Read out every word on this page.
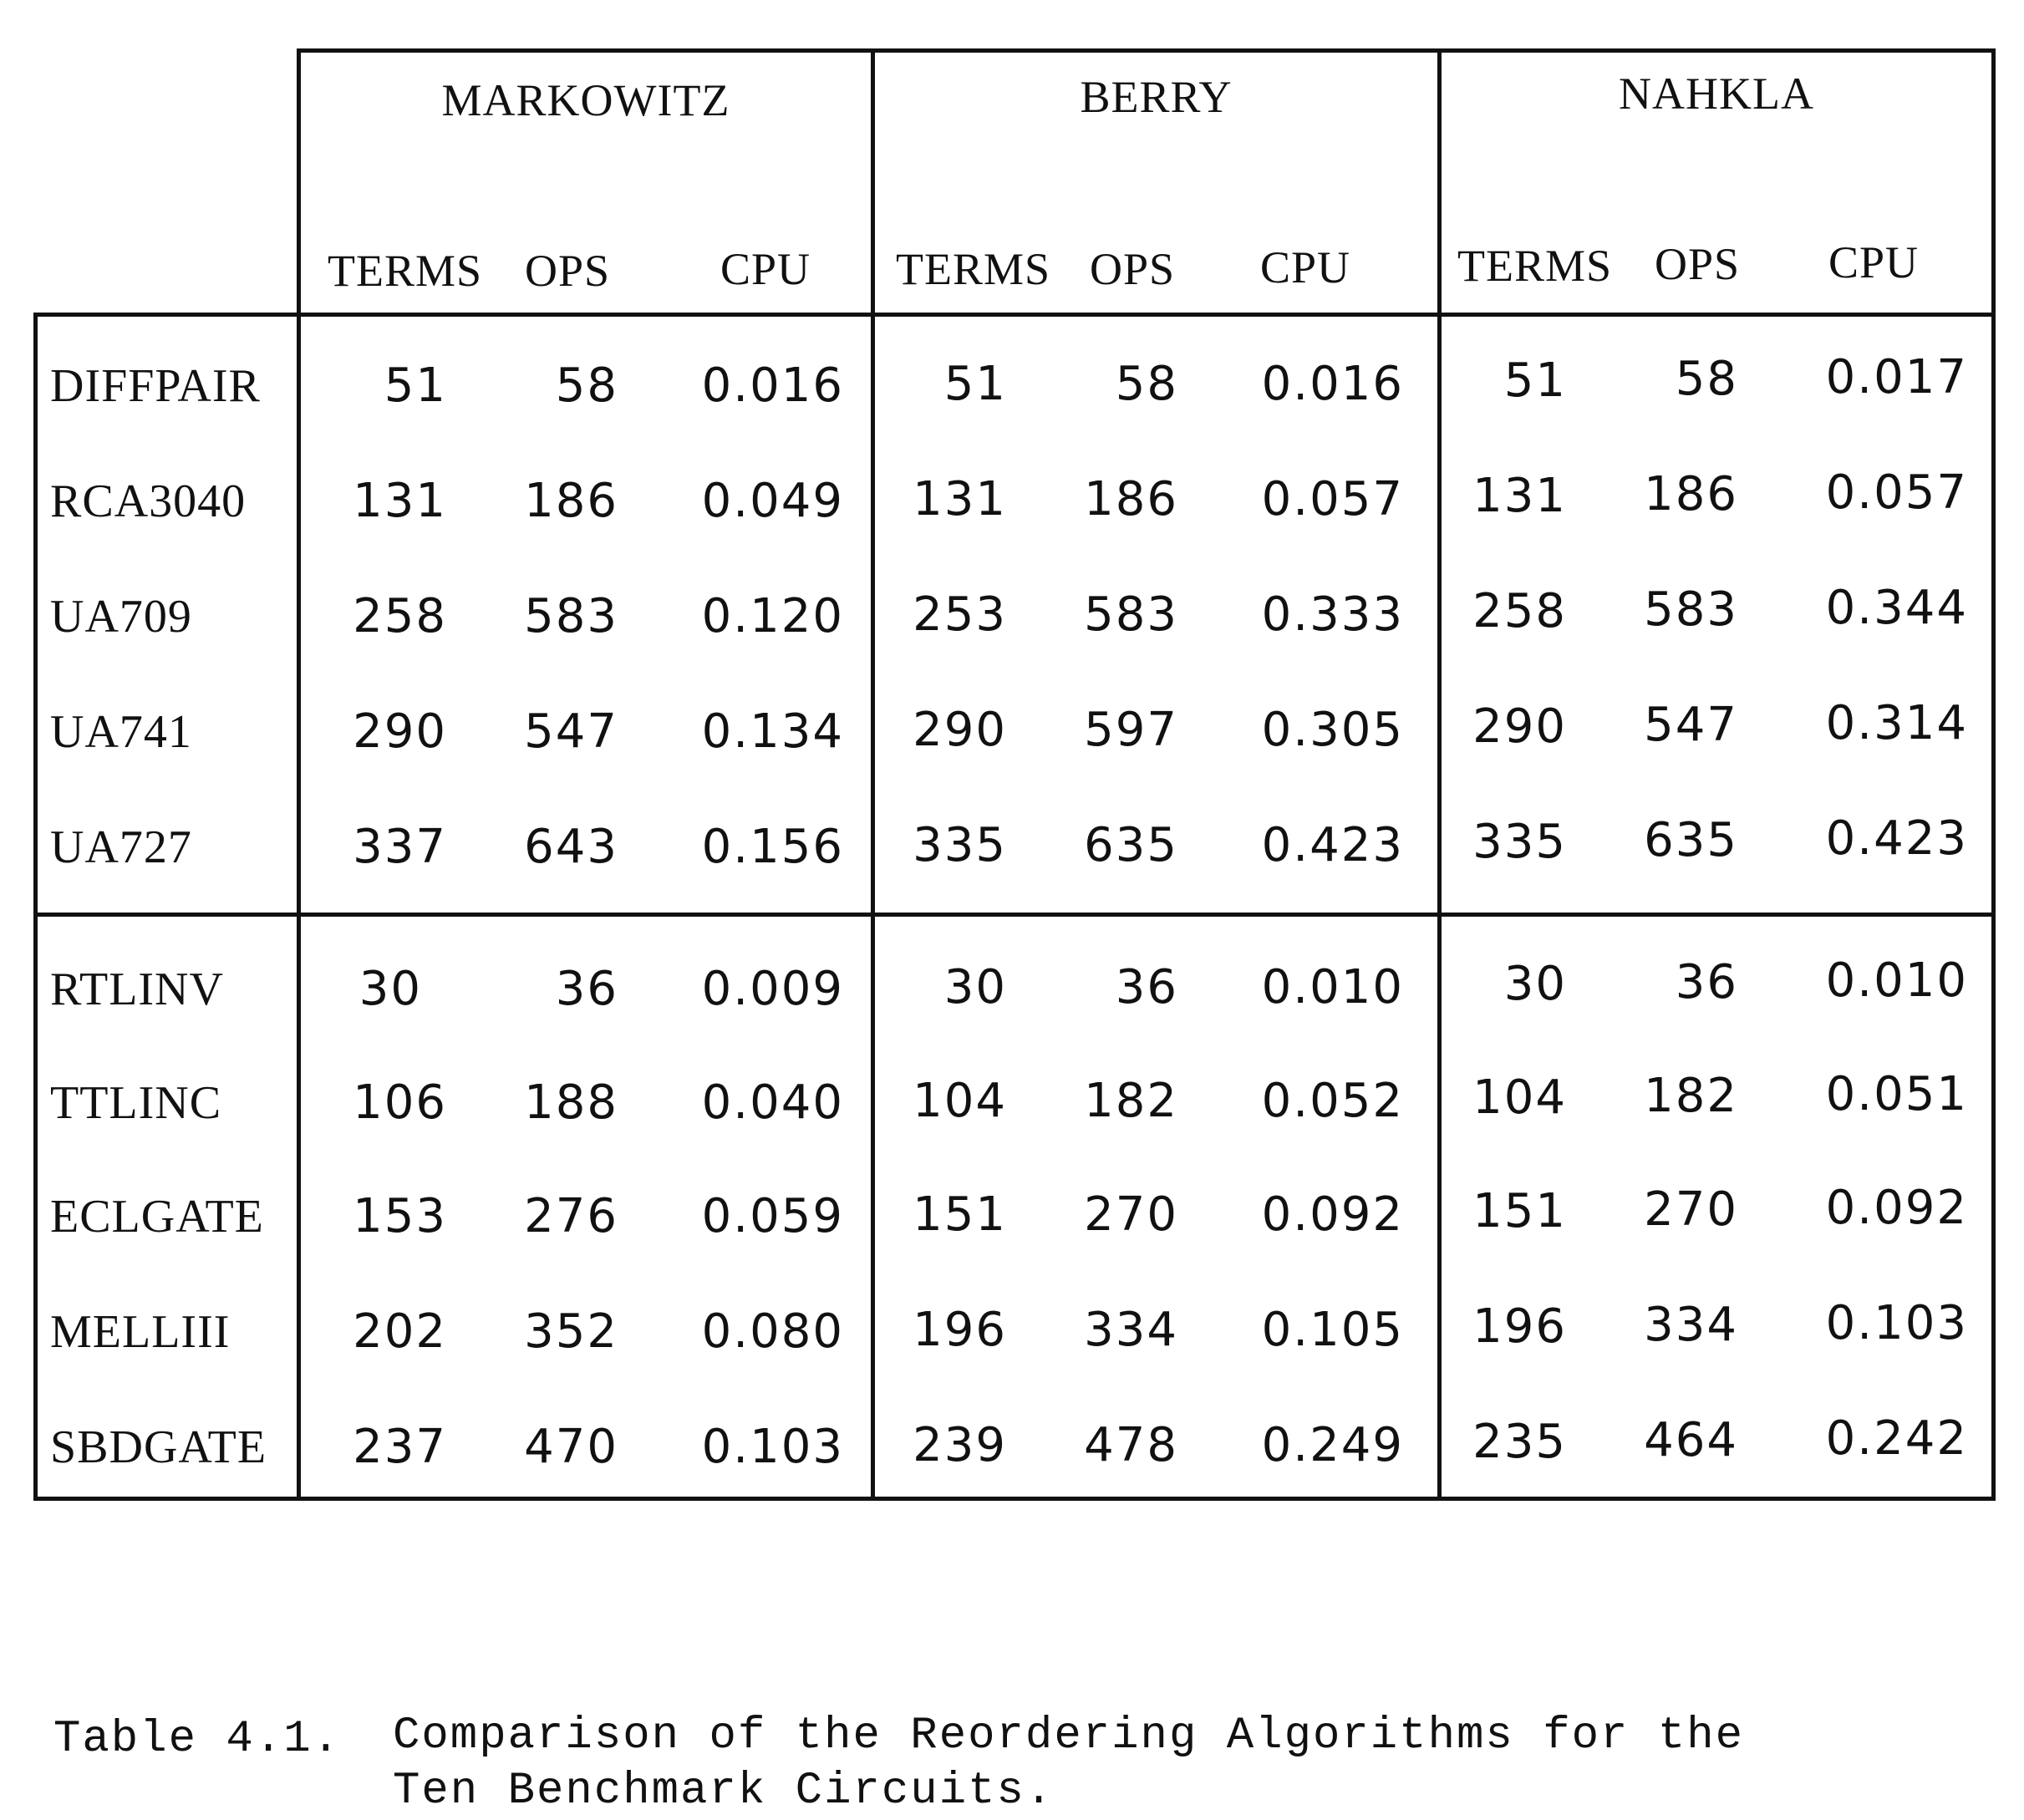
MARKOWITZ	BERRY	NAHKLA
TERMS OPS CPU TERMS OPS CPU TERMS OPS CPU
DIFFPAIR	51	58	0.016	51	58	0.016	51	58	0.017
RCA3040	131	186	0.049	131	186	0.057	131	186	0.057
UA709	258	583	0.120	253	583	0.333	258	583	0.344
UA741	290	547	0.134	290	597	0.305	290	547	0.314
UA727	337	643	0.156	335	635	0.423	335	635	0.423
RTLINV	30	36	0.009	30	36	0.010	30	36	0.010
TTLINC	106	188	0.040	104	182	0.052	104	182	0.051
ECLGATE	153	276	0.059	151	270	0.092	151	270	0.092
MELLIII	202	352	0.080	196	334	0.105	196	334	0.103
SBDGATE	237	470	0.103	239	478	0.249	235	464	0.242
Table 4.1. Comparison of the Reordering Algorithms for the
Ten Benchmark Circuits.
